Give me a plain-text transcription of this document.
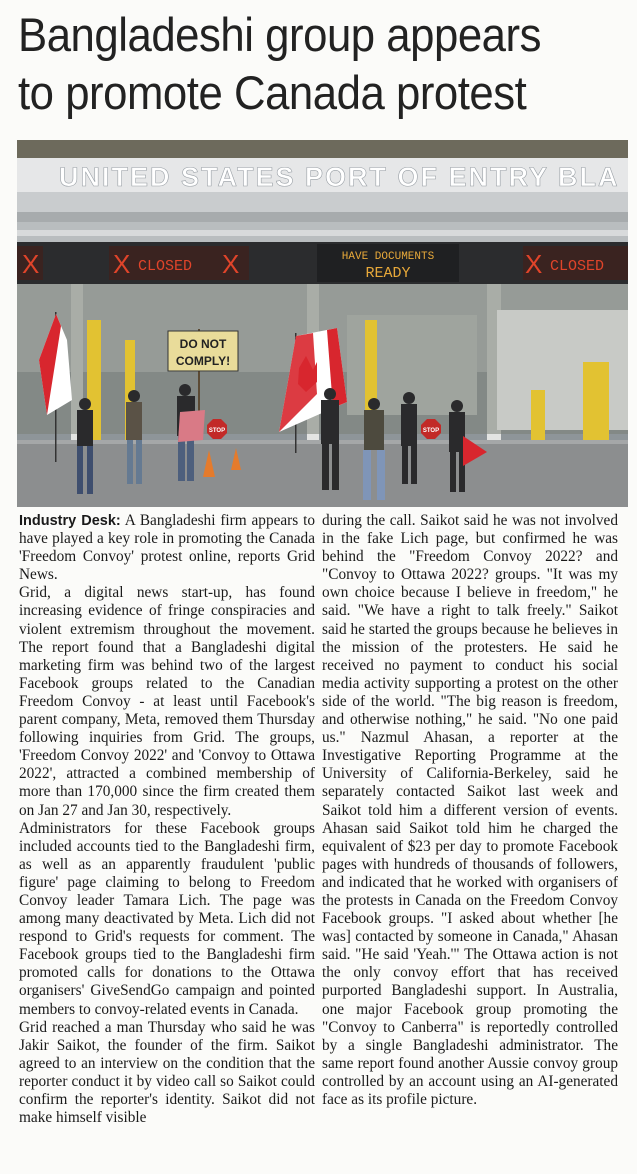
Bangladeshi group appears
to promote Canada protest
UNITED STATES PORT OF ENTRY BLA
X	X CLOSED X	HAVE DOCUMENTS
READY	X CLOSED
DO NOT
COMPLY!
STOP	STOP

Industry Desk: A Bangladeshi firm appears to have played a key role in promoting the Canada 'Freedom Convoy' protest online, reports Grid News.

Grid, a digital news start-up, has found increasing evidence of fringe conspiracies and violent extremism throughout the movement. The report found that a Bangladeshi digital marketing firm was behind two of the largest Facebook groups related to the Canadian Freedom Convoy - at least until Facebook's parent company, Meta, removed them Thursday following inquiries from Grid. The groups, 'Freedom Convoy 2022' and 'Convoy to Ottawa 2022', attracted a combined membership of more than 170,000 since the firm created them on Jan 27 and Jan 30, respectively.

Administrators for these Facebook groups included accounts tied to the Bangladeshi firm, as well as an apparently fraudulent 'public figure' page claiming to belong to Freedom Convoy leader Tamara Lich. The page was among many deactivated by Meta. Lich did not respond to Grid's requests for comment. The Facebook groups tied to the Bangladeshi firm promoted calls for donations to the Ottawa organisers' GiveSendGo campaign and pointed members to convoy-related events in Canada.

Grid reached a man Thursday who said he was Jakir Saikot, the founder of the firm. Saikot agreed to an interview on the condition that the reporter conduct it by video call so Saikot could confirm the reporter's identity. Saikot did not make himself visible

during the call. Saikot said he was not involved in the fake Lich page, but confirmed he was behind the "Freedom Convoy 2022? and "Convoy to Ottawa 2022? groups. "It was my own choice because I believe in freedom," he said. "We have a right to talk freely." Saikot said he started the groups because he believes in the mission of the protesters. He said he received no payment to conduct his social media activity supporting a protest on the other side of the world. "The big reason is freedom, and otherwise nothing," he said. "No one paid us." Nazmul Ahasan, a reporter at the Investigative Reporting Programme at the University of California-Berkeley, said he separately contacted Saikot last week and Saikot told him a different version of events. Ahasan said Saikot told him he charged the equivalent of $23 per day to promote Facebook pages with hundreds of thousands of followers, and indicated that he worked with organisers of the protests in Canada on the Freedom Convoy Facebook groups. "I asked about whether [he was] contacted by someone in Canada," Ahasan said. "He said 'Yeah.'" The Ottawa action is not the only convoy effort that has received purported Bangladeshi support. In Australia, one major Facebook group promoting the "Convoy to Canberra" is reportedly controlled by a single Bangladeshi administrator. The same report found another Aussie convoy group controlled by an account using an AI-generated face as its profile picture.
